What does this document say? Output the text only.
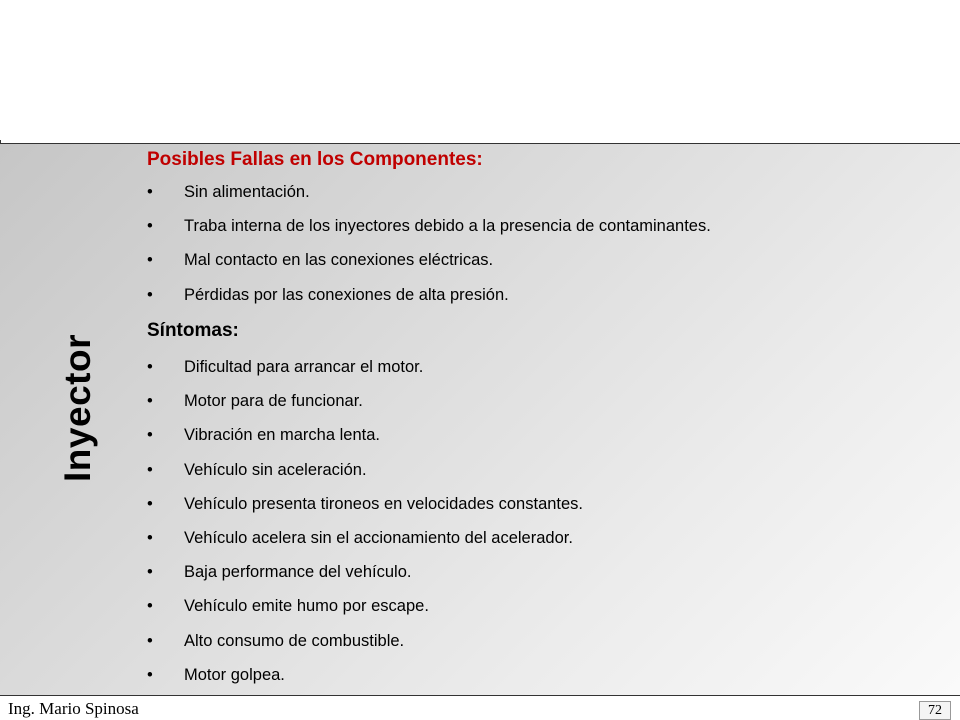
Inyector
Posibles Fallas en los Componentes:
• Sin alimentación.
• Traba interna de los inyectores debido a la presencia de contaminantes.
• Mal contacto en las conexiones eléctricas.
• Pérdidas por las conexiones de alta presión.
Síntomas:
• Dificultad para arrancar el motor.
• Motor para de funcionar.
• Vibración en marcha lenta.
• Vehículo sin aceleración.
• Vehículo presenta tironeos en velocidades constantes.
• Vehículo acelera sin el accionamiento del acelerador.
• Baja performance del vehículo.
• Vehículo emite humo por escape.
• Alto consumo de combustible.
• Motor golpea.
Ing. Mario Spinosa	72
